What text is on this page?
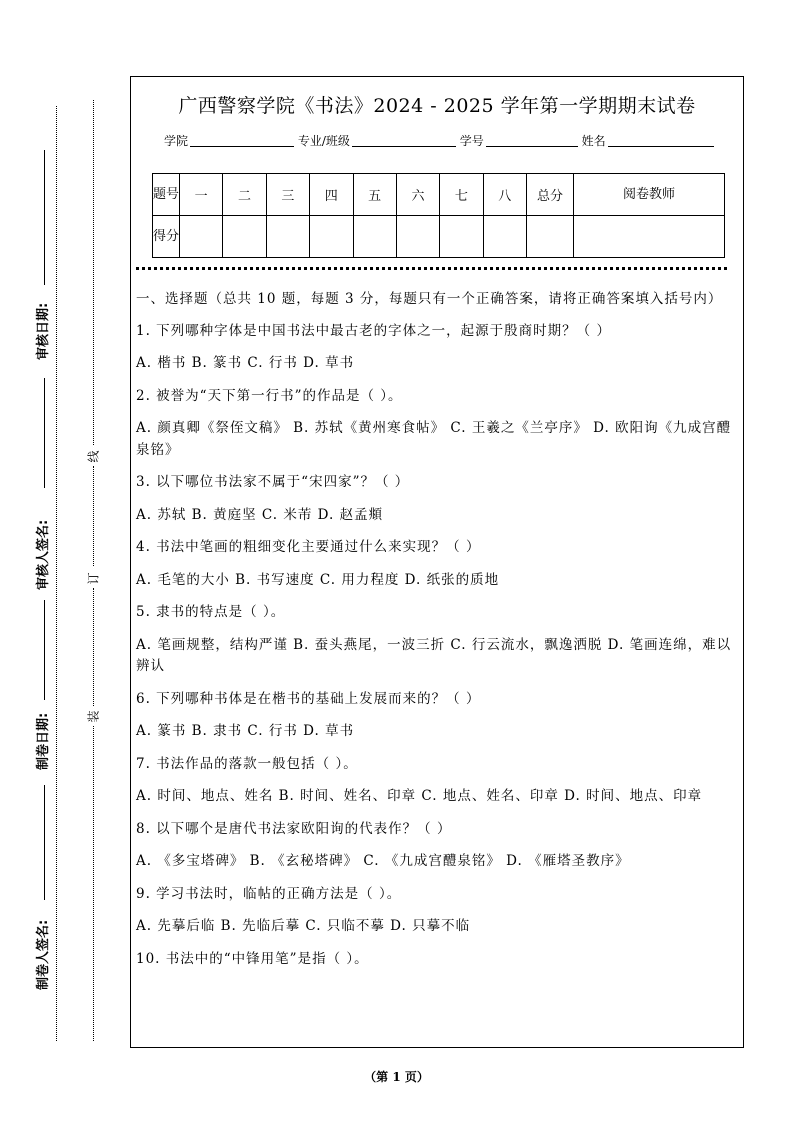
审核日期:
审核人签名:
制卷日期:
制卷人签名:
线
订
装
广西警察学院《书法》2024 - 2025 学年第一学期期末试卷
学院	专业/班级	学号	姓名
题号	一	二	三	四	五	六	七	八	总分	阅卷教师
得分										

一、选择题（总共 10 题，每题 3 分，每题只有一个正确答案，请将正确答案填入括号内）

1. 下列哪种字体是中国书法中最古老的字体之一，起源于殷商时期？（ ）

A. 楷书 B. 篆书 C. 行书 D. 草书

2. 被誉为“天下第一行书”的作品是（ ）。

A. 颜真卿《祭侄文稿》 B. 苏轼《黄州寒食帖》 C. 王羲之《兰亭序》 D. 欧阳询《九成宫醴泉铭》

3. 以下哪位书法家不属于“宋四家”？（ ）

A. 苏轼 B. 黄庭坚 C. 米芾 D. 赵孟頫

4. 书法中笔画的粗细变化主要通过什么来实现？（ ）

A. 毛笔的大小 B. 书写速度 C. 用力程度 D. 纸张的质地

5. 隶书的特点是（ ）。

A. 笔画规整，结构严谨 B. 蚕头燕尾，一波三折 C. 行云流水，飘逸洒脱 D. 笔画连绵，难以辨认

6. 下列哪种书体是在楷书的基础上发展而来的？（ ）

A. 篆书 B. 隶书 C. 行书 D. 草书

7. 书法作品的落款一般包括（ ）。

A. 时间、地点、姓名 B. 时间、姓名、印章 C. 地点、姓名、印章 D. 时间、地点、印章

8. 以下哪个是唐代书法家欧阳询的代表作？（ ）

A. 《多宝塔碑》 B. 《玄秘塔碑》 C. 《九成宫醴泉铭》 D. 《雁塔圣教序》

9. 学习书法时，临帖的正确方法是（ ）。

A. 先摹后临 B. 先临后摹 C. 只临不摹 D. 只摹不临

10. 书法中的“中锋用笔”是指（ ）。

（第 1 页）
